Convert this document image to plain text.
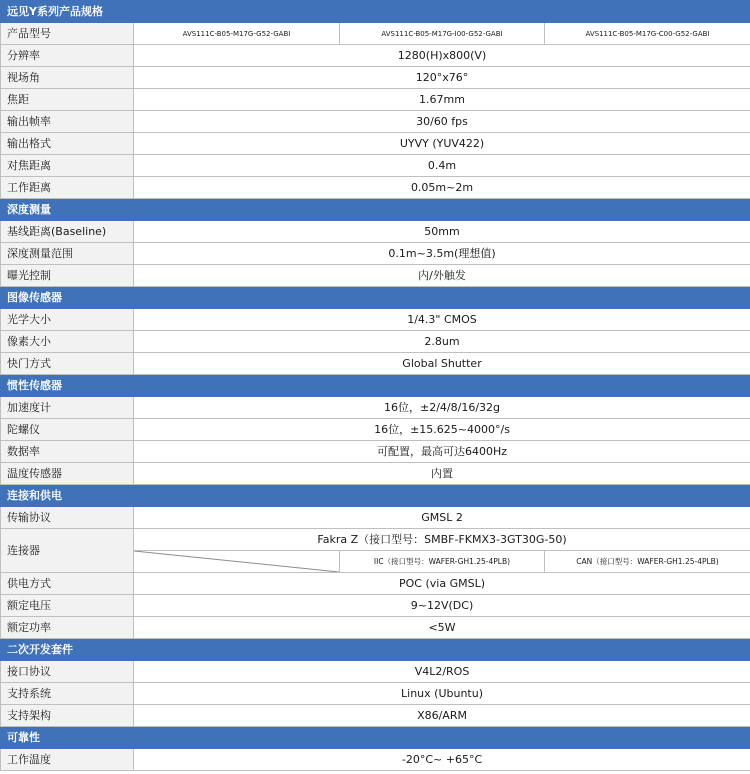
远见Y系列产品规格			
产品型号	AVS111C-B05-M17G-G52-GABI	AVS111C-B05-M17G-I00-G52-GABI	AVS111C-B05-M17G-C00-G52-GABI
分辨率	1280(H)x800(V)		
视场角	120°x76°		
焦距	1.67mm		
输出帧率	30/60 fps		
输出格式	UYVY (YUV422)		
对焦距离	0.4m		
工作距离	0.05m~2m		
深度测量			
基线距离(Baseline)	50mm		
深度测量范围	0.1m~3.5m(理想值)		
曝光控制	内/外触发		
图像传感器			
光学大小	1/4.3" CMOS		
像素大小	2.8um		
快门方式	Global Shutter		
惯性传感器			
加速度计	16位，±2/4/8/16/32g		
陀螺仪	16位，±15.625~4000°/s		
数据率	可配置，最高可达6400Hz		
温度传感器	内置		
连接和供电			
传输协议	GMSL 2		
连接器	Fakra Z（接口型号：SMBF-FKMX3-3GT30G-50)		

	IIC（接口型号：WAFER-GH1.25-4PLB)	CAN（接口型号：WAFER-GH1.25-4PLB)
供电方式	POC (via GMSL)		
额定电压	9~12V(DC)		
额定功率	<5W		
二次开发套件			
接口协议	V4L2/ROS		
支持系统	Linux (Ubuntu)		
支持架构	X86/ARM		
可靠性			
工作温度	-20°C~ +65°C		
